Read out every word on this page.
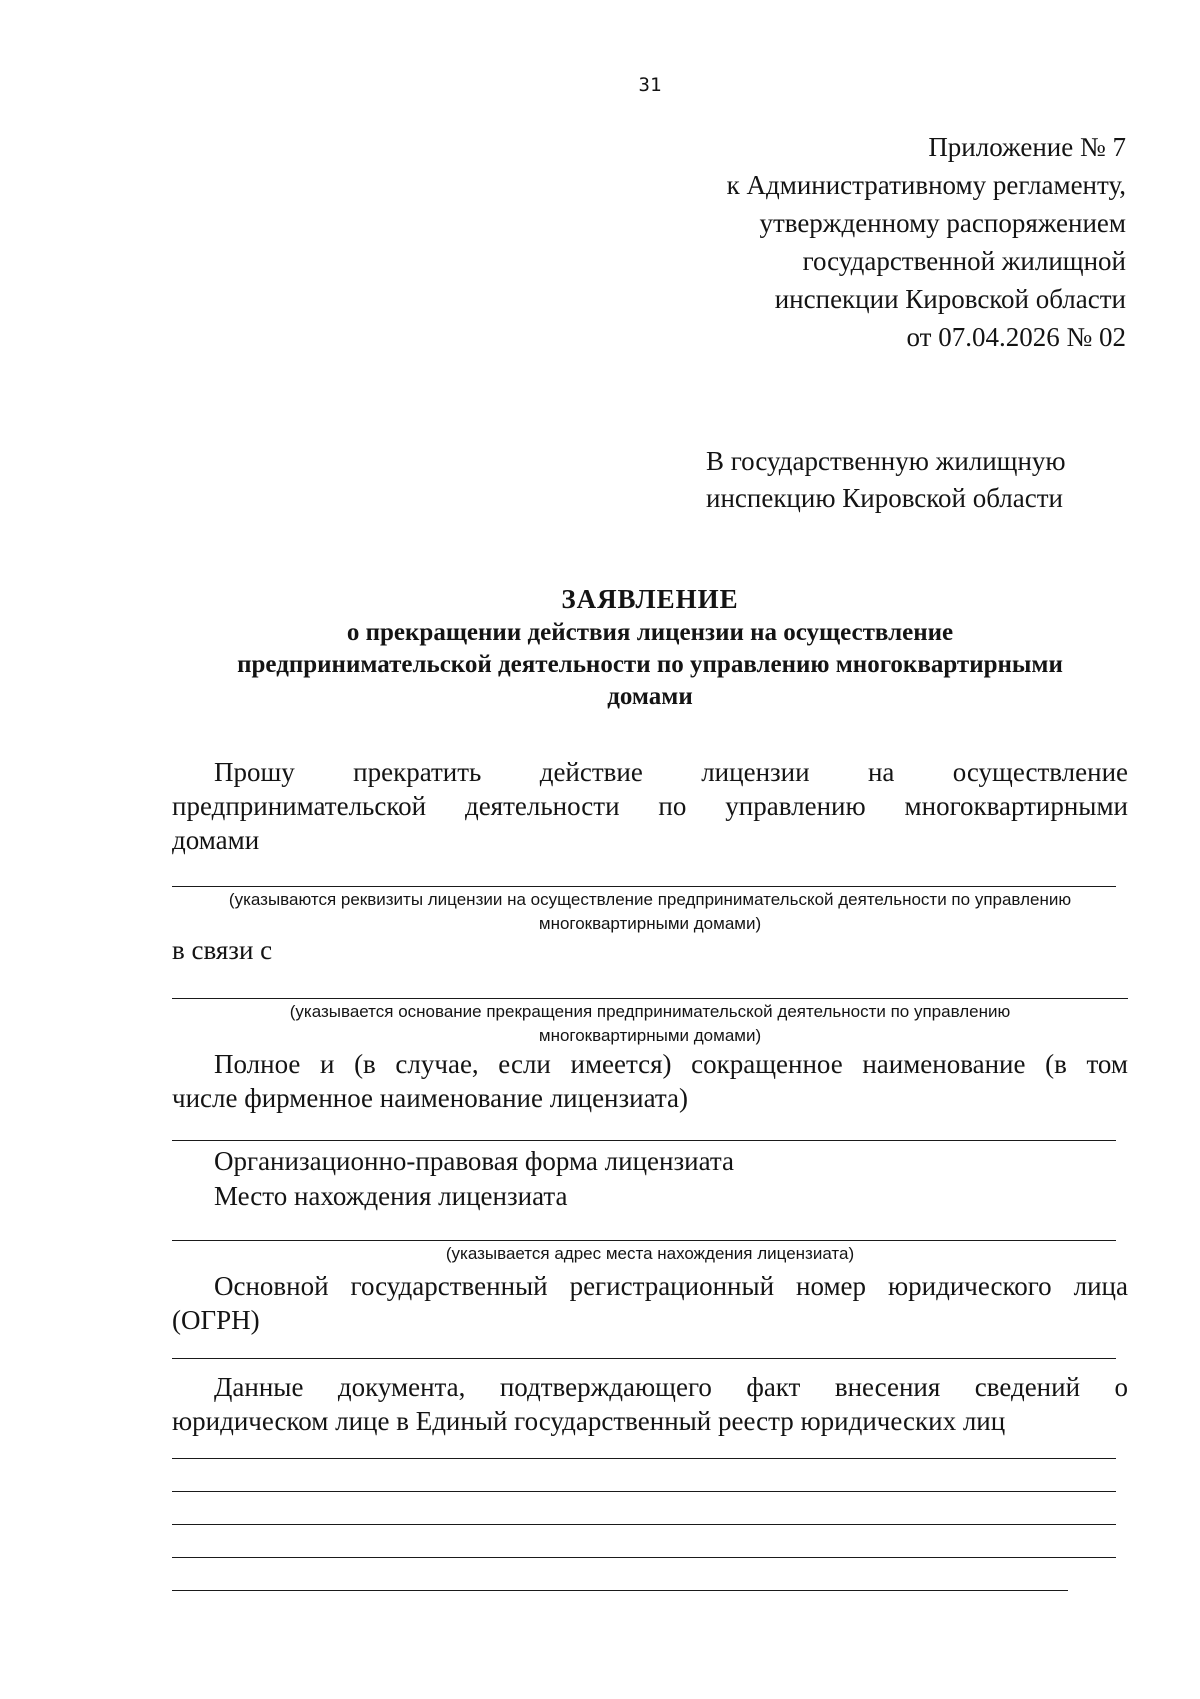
31
Приложение № 7
к Административному регламенту,
утвержденному распоряжением
государственной жилищной
инспекции Кировской области
от 07.04.2026 № 02
В государственную жилищную
инспекцию Кировской области
ЗАЯВЛЕНИЕ
о прекращении действия лицензии на осуществление
предпринимательской деятельности по управлению многоквартирными
домами
Прошу прекратить действие лицензии на осуществление
предпринимательской деятельности по управлению многоквартирными
домами
(указываются реквизиты лицензии на осуществление предпринимательской деятельности по управлению
многоквартирными домами)
в связи с
(указывается основание прекращения предпринимательской деятельности по управлению
многоквартирными домами)
Полное и (в случае, если имеется) сокращенное наименование (в том
числе фирменное наименование лицензиата)
Организационно-правовая форма лицензиата
Место нахождения лицензиата
(указывается адрес места нахождения лицензиата)
Основной государственный регистрационный номер юридического лица
(ОГРН)
Данные документа, подтверждающего факт внесения сведений о
юридическом лице в Единый государственный реестр юридических лиц
